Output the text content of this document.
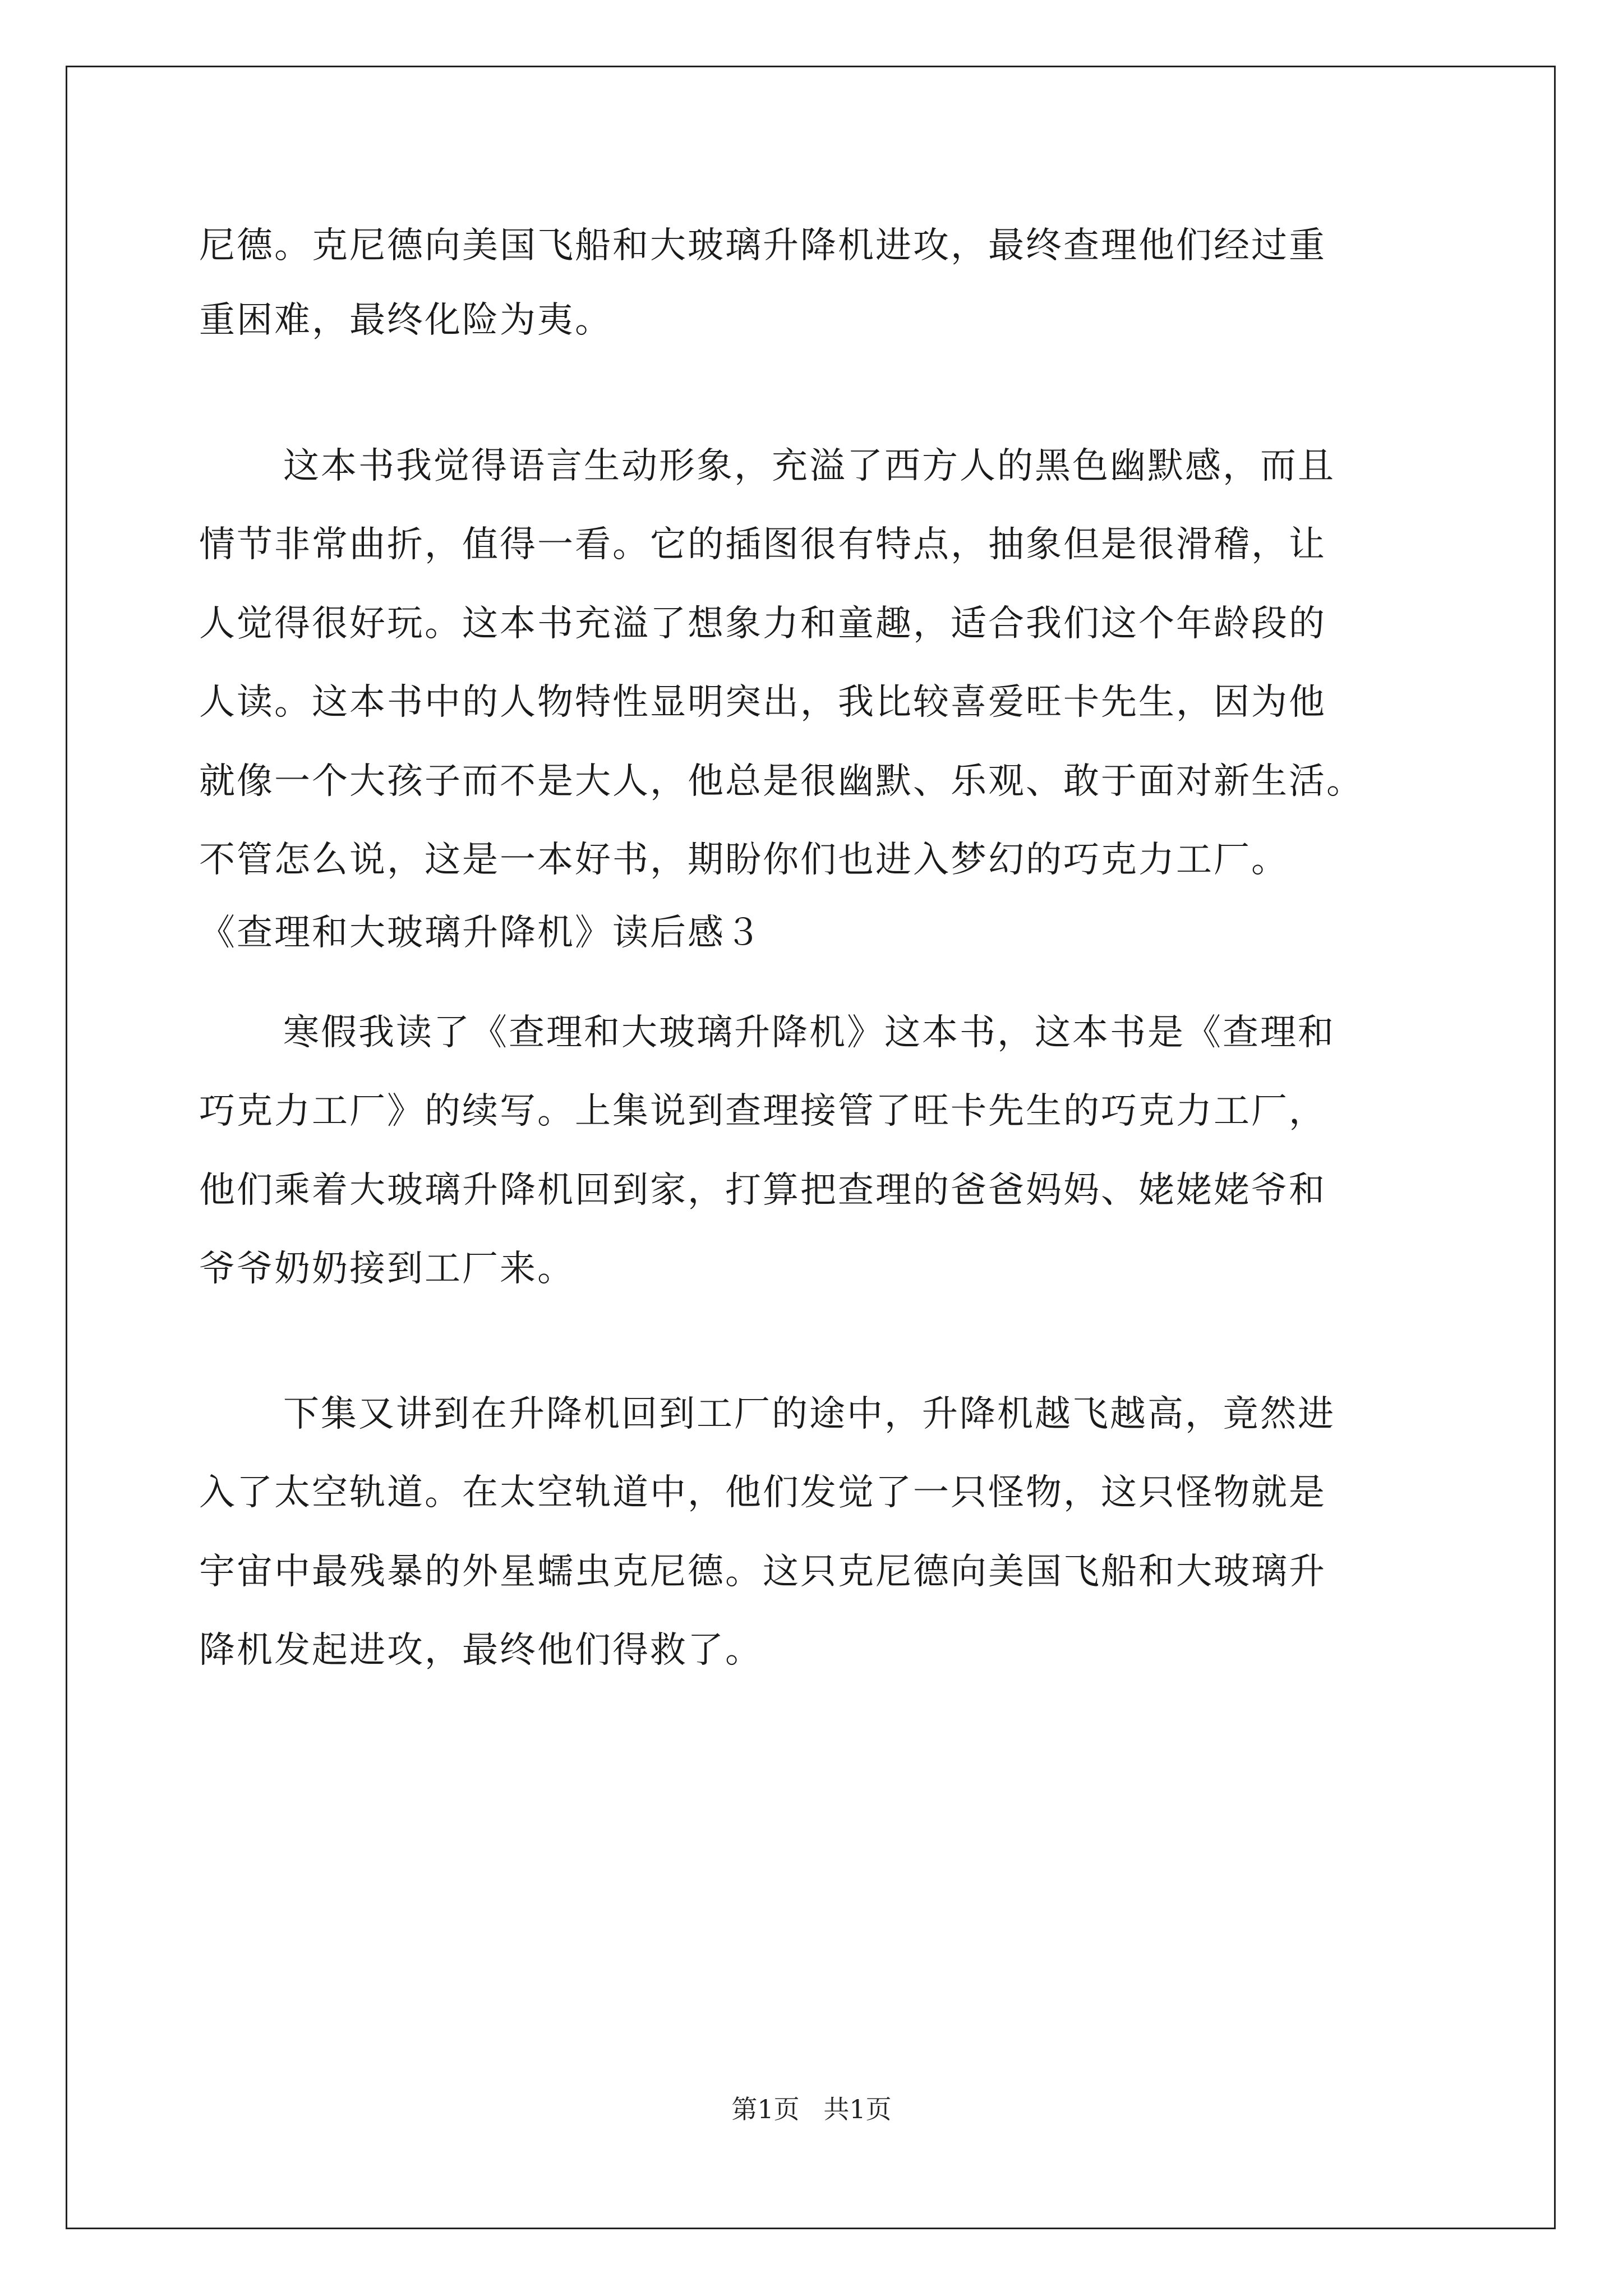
尼德。克尼德向美国飞船和大玻璃升降机进攻，最终查理他们经过重
重困难，最终化险为夷。
这本书我觉得语言生动形象，充溢了西方人的黑色幽默感，而且
情节非常曲折，值得一看。它的插图很有特点，抽象但是很滑稽，让
人觉得很好玩。这本书充溢了想象力和童趣，适合我们这个年龄段的
人读。这本书中的人物特性显明突出，我比较喜爱旺卡先生，因为他
就像一个大孩子而不是大人，他总是很幽默、乐观、敢于面对新生活。
不管怎么说，这是一本好书，期盼你们也进入梦幻的巧克力工厂。
《查理和大玻璃升降机》读后感３
寒假我读了《查理和大玻璃升降机》这本书，这本书是《查理和
巧克力工厂》的续写。上集说到查理接管了旺卡先生的巧克力工厂，
他们乘着大玻璃升降机回到家，打算把查理的爸爸妈妈、姥姥姥爷和
爷爷奶奶接到工厂来。
下集又讲到在升降机回到工厂的途中，升降机越飞越高，竟然进
入了太空轨道。在太空轨道中，他们发觉了一只怪物，这只怪物就是
宇宙中最残暴的外星蠕虫克尼德。这只克尼德向美国飞船和大玻璃升
降机发起进攻，最终他们得救了。
第1页 共1页
